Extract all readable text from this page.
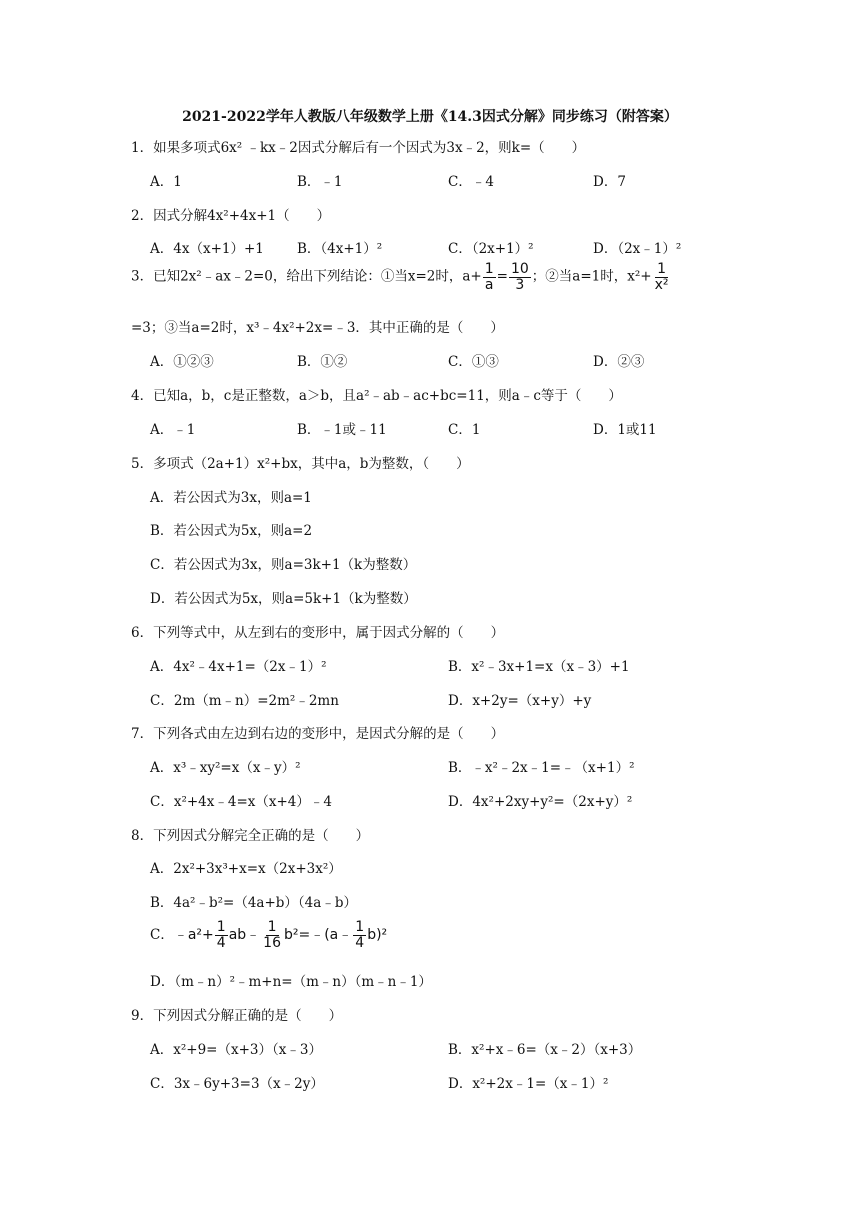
2021-2022学年人教版八年级数学上册《14.3因式分解》同步练习（附答案）
1．如果多项式6x² ﹣kx﹣2因式分解后有一个因式为3x﹣2，则k=（　　）
A．1	B．﹣1	C．﹣4	D．7
2．因式分解4x²+4x+1（　　）
A．4x（x+1）+1 B．（4x+1）²	C．（2x+1）²	D．（2x﹣1）²
3．已知2x²﹣ax﹣2=0，给出下列结论：①当x=2时，$a+ \frac{1}{a} = \frac{10}{3}$ ；②当a=1时，$x^2+ \frac{1}{\text{x²}}$
=3；③当a=2时，x³﹣4x²+2x=﹣3．其中正确的是（　　）
A．①②③	B．①②	C．①③	D．②③
4．已知a，b，c是正整数，a＞b，且a²﹣ab﹣ac+bc=11，则a﹣c等于（　　）
A．﹣1	B．﹣1或﹣11	C．1	D．1或11
5．多项式（2a+1）x²+bx，其中a，b为整数，（　　）
A．若公因式为3x，则a=1
B．若公因式为5x，则a=2
C．若公因式为3x，则a=3k+1（k为整数）
D．若公因式为5x，则a=5k+1（k为整数）
6．下列等式中，从左到右的变形中，属于因式分解的（　　）
A．4x²﹣4x+1=（2x﹣1）²	B．x²﹣3x+1=x（x﹣3）+1
C．2m（m﹣n）=2m²﹣2mn	D．x+2y=（x+y）+y
7．下列各式由左边到右边的变形中，是因式分解的是（　　）
A．x³﹣xy²=x（x﹣y）²	B．﹣x²﹣2x﹣1=﹣（x+1）²
C．x²+4x﹣4=x（x+4）﹣4	D．4x²+2xy+y²=（2x+y）²
8．下列因式分解完全正确的是（　　）
A．2x²+3x³+x=x（2x+3x²）
B．4a²﹣b²=（4a+b）（4a﹣b）
C．﹣a²+ $\frac{1}{4}$ ab﹣ $\frac{1}{16}$ b²=﹣(a﹣ $\frac{1}{4} b)^2$
D．（m﹣n）²﹣m+n=（m﹣n）（m﹣n﹣1）
9．下列因式分解正确的是（　　）
A．x²+9=（x+3）（x﹣3）	B．x²+x﹣6=（x﹣2）（x+3）
C．3x﹣6y+3=3（x﹣2y）	D．x²+2x﹣1=（x﹣1）²
